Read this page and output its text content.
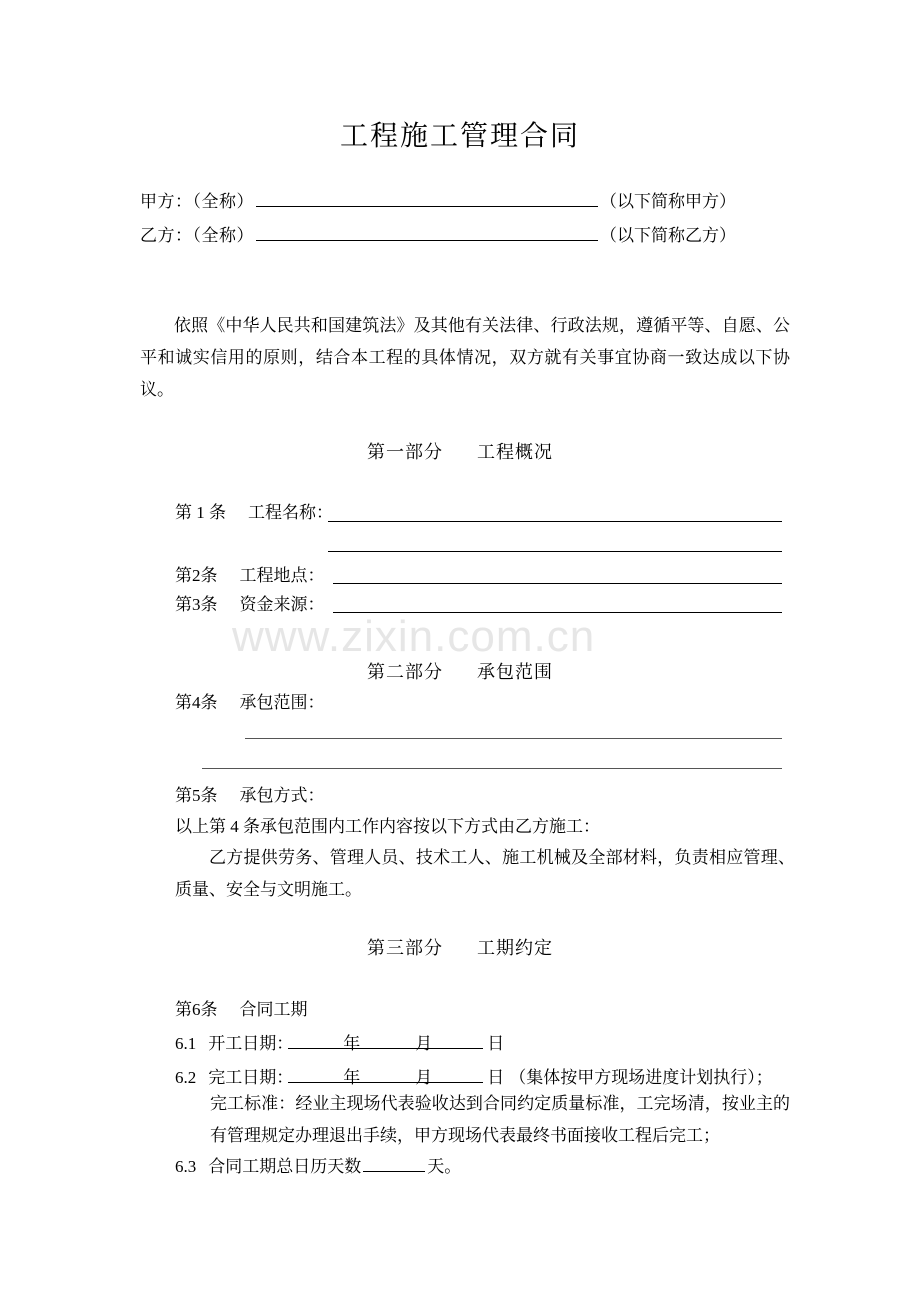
www.zixin.com.cn
工程施工管理合同
甲方：（全称）	（以下简称甲方）
乙方：（全称）	（以下简称乙方）
依照《中华人民共和国建筑法》及其他有关法律、行政法规，遵循平等、自愿、公平和诚实信用的原则，结合本工程的具体情况，双方就有关事宜协商一致达成以下协议。
第一部分 工程概况
第 1 条 工程名称：
第2条 工程地点：
第3条 资金来源：
第二部分 承包范围
第4条 承包范围：
第5条 承包方式：
以上第 4 条承包范围内工作内容按以下方式由乙方施工：
乙方提供劳务、管理人员、技术工人、施工机械及全部材料，负责相应管理、质量、安全与文明施工。
第三部分 工期约定
第6条 合同工期
6.1 开工日期：	年	月	日
6.2 完工日期：	年	月	日 （集体按甲方现场进度计划执行）；
完工标准：经业主现场代表验收达到合同约定质量标准，工完场清，按业主的有管理规定办理退出手续，甲方现场代表最终书面接收工程后完工；
6.3 合同工期总日历天数	天。
